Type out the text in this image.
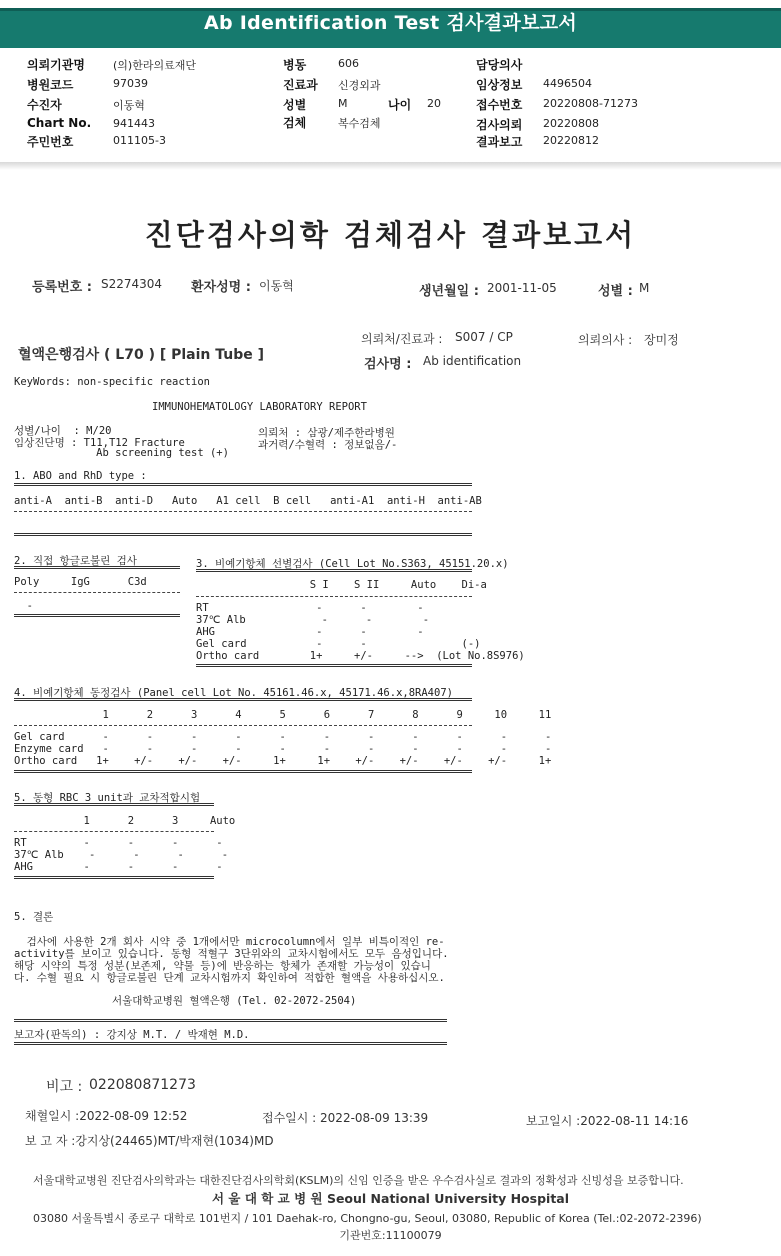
Ab Identification Test 검사결과보고서
의뢰기관명	(의)한라의료재단
병원코드	97039
수진자	이동혁
Chart No. 941443
주민번호	011105-3
병동	606
진료과 신경외과
성별	M	나이 20
검체	복수검체
담당의사
임상정보 4496504
접수번호 20220808-71273
검사의뢰 20220808
결과보고 20220812
진단검사의학 검체검사 결과보고서
등록번호 : S2274304 환자성명 : 이동혁	생년월일 : 2001-11-05	성별 : M
의뢰처/진료과 : S007 / CP	의뢰의사 : 장미정
혈액은행검사 ( L70 ) [ Plain Tube ]
검사명 : Ab identification
KeyWords: non-specific reaction
IMMUNOHEMATOLOGY LABORATORY REPORT
성별/나이  : M/20
임상진단명 : T11,T12 Fracture
Ab screening test (+)
의뢰처 : 삼광/제주한라병원
과거력/수혈력 : 정보없음/-
1. ABO and RhD type :
anti-A  anti-B  anti-D   Auto   A1 cell  B cell   anti-A1  anti-H  anti-AB
2. 직접 항글로불린 검사
Poly     IgG      C3d
-
3. 비예기항체 선별검사 (Cell Lot No.S363, 45151.20.x)
S I    S II     Auto    Di-a
RT                 -      -        -
37℃ Alb            -      -        -
AHG                -      -        -
Gel card           -      -               (-)
Ortho card        1+     +/-     -->  (Lot No.8S976)
4. 비예기항체 동정검사 (Panel cell Lot No. 45161.46.x, 45171.46.x,8RA407)
1      2      3      4      5      6      7      8      9     10     11
Gel card      -      -      -      -      -      -      -      -      -      -      -
Enzyme card   -      -      -      -      -      -      -      -      -      -      -
Ortho card   1+    +/-    +/-    +/-     1+     1+    +/-    +/-    +/-    +/-     1+
5. 동형 RBC 3 unit과 교차적합시험
1      2      3     Auto
RT         -      -      -      -
37℃ Alb    -      -      -      -
AHG        -      -      -      -
5. 결론
검사에 사용한 2개 회사 시약 중 1개에서만 microcolumn에서 일부 비특이적인 re-
activity를 보이고 있습니다. 동형 적혈구 3단위와의 교차시험에서도 모두 음성입니다.
해당 시약의 특정 성분(보존제, 약물 등)에 반응하는 항체가 존재할 가능성이 있습니
다. 수혈 필요 시 항글로불린 단계 교차시험까지 확인하여 적합한 혈액을 사용하십시오.
서울대학교병원 혈액은행 (Tel. 02-2072-2504)
보고자(판독의) : 강지상 M.T. / 박재현 M.D.
비고 : 022080871273
채혈일시 :2022-08-09 12:52	접수일시 : 2022-08-09 13:39	보고일시 :2022-08-11 14:16
보 고 자 :강지상(24465)MT/박재현(1034)MD
서울대학교병원 진단검사의학과는 대한진단검사의학회(KSLM)의 신임 인증을 받은 우수검사실로 결과의 정확성과 신빙성을 보증합니다.
서 울 대 학 교 병 원 Seoul National University Hospital
03080 서울특별시 종로구 대학로 101번지 / 101 Daehak-ro, Chongno-gu, Seoul, 03080, Republic of Korea (Tel.:02-2072-2396)
기관번호:11100079
